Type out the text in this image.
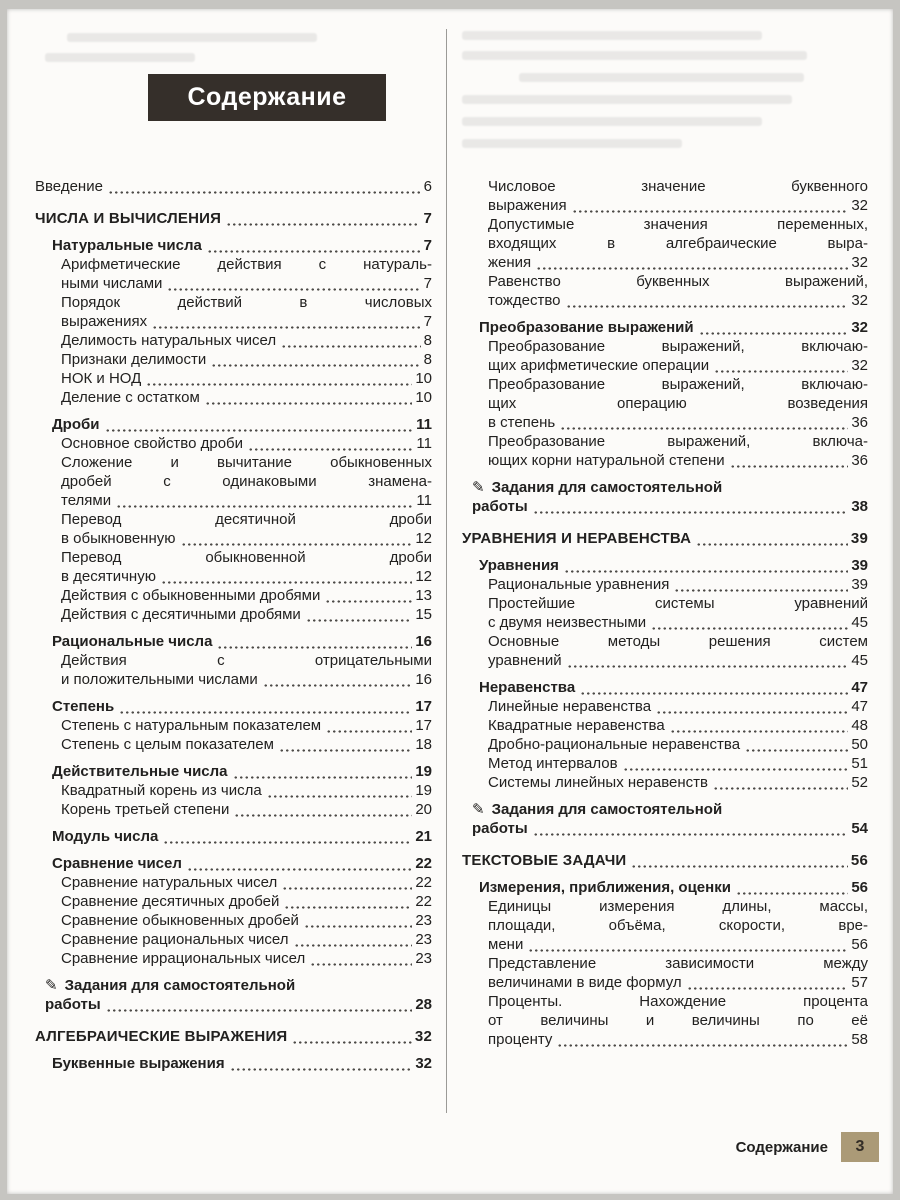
Содержание
Введение	6
ЧИСЛА И ВЫЧИСЛЕНИЯ	7
Натуральные числа	7
Арифметические действия с натураль-
ными числами	7
Порядок действий в числовых
выражениях	7
Делимость натуральных чисел	8
Признаки делимости	8
НОК и НОД	10
Деление с остатком	10
Дроби	11
Основное свойство дроби	11
Сложение и вычитание обыкновенных
дробей с одинаковыми знамена-
телями	11
Перевод десятичной дроби
в обыкновенную	12
Перевод обыкновенной дроби
в десятичную	12
Действия с обыкновенными дробями	13
Действия с десятичными дробями	15
Рациональные числа	16
Действия с отрицательными
и положительными числами	16
Степень	17
Степень с натуральным показателем	17
Степень с целым показателем	18
Действительные числа	19
Квадратный корень из числа	19
Корень третьей степени	20
Модуль числа	21
Сравнение чисел	22
Сравнение натуральных чисел	22
Сравнение десятичных дробей	22
Сравнение обыкновенных дробей	23
Сравнение рациональных чисел	23
Сравнение иррациональных чисел	23
✎ Задания для самостоятельной
работы	28
АЛГЕБРАИЧЕСКИЕ ВЫРАЖЕНИЯ	32
Буквенные выражения	32
Числовое значение буквенного
выражения	32
Допустимые значения переменных,
входящих в алгебраические выра-
жения	32
Равенство буквенных выражений,
тождество	32
Преобразование выражений	32
Преобразование выражений, включаю-
щих арифметические операции	32
Преобразование выражений, включаю-
щих операцию возведения
в степень	36
Преобразование выражений, включа-
ющих корни натуральной степени	36
✎ Задания для самостоятельной
работы	38
УРАВНЕНИЯ И НЕРАВЕНСТВА	39
Уравнения	39
Рациональные уравнения	39
Простейшие системы уравнений
с двумя неизвестными	45
Основные методы решения систем
уравнений	45
Неравенства	47
Линейные неравенства	47
Квадратные неравенства	48
Дробно-рациональные неравенства	50
Метод интервалов	51
Системы линейных неравенств	52
✎ Задания для самостоятельной
работы	54
ТЕКСТОВЫЕ ЗАДАЧИ	56
Измерения, приближения, оценки	56
Единицы измерения длины, массы,
площади, объёма, скорости, вре-
мени	56
Представление зависимости между
величинами в виде формул	57
Проценты. Нахождение процента
от величины и величины по её
проценту	58
Содержание	3
